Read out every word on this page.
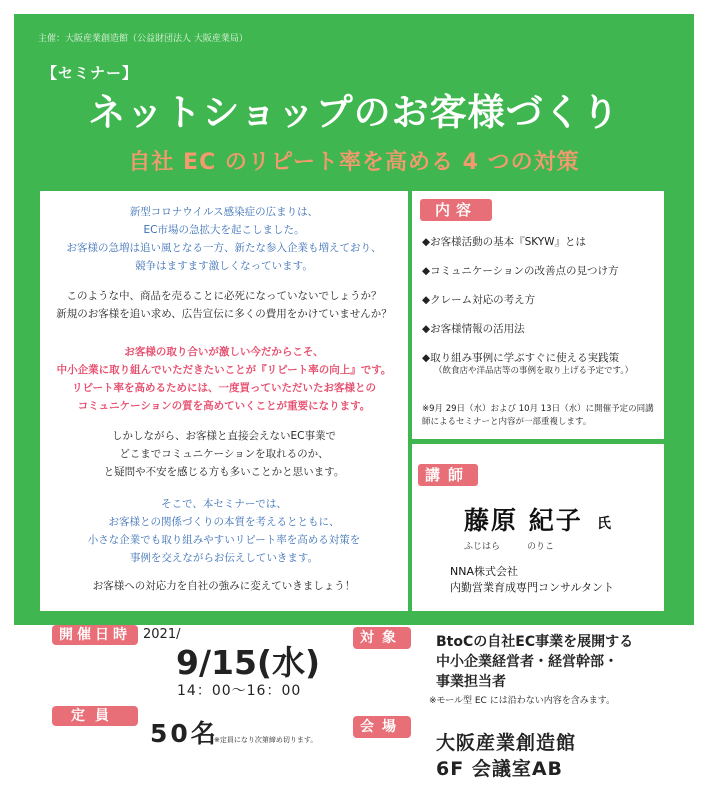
主催：大阪産業創造館（公益財団法人 大阪産業局）
【セミナー】
ネットショップのお客様づくり
自社 EC のリピート率を高める 4 つの対策

新型コロナウイルス感染症の広まりは、
EC市場の急拡大を起こしました。
お客様の急増は追い風となる一方、新たな参入企業も増えており、
競争はますます激しくなっています。

このような中、商品を売ることに必死になっていないでしょうか？
新規のお客様を追い求め、広告宣伝に多くの費用をかけていませんか？

お客様の取り合いが激しい今だからこそ、
中小企業に取り組んでいただきたいことが『リピート率の向上』です。
リピート率を高めるためには、一度買っていただいたお客様との
コミュニケーションの質を高めていくことが重要になります。

しかしながら、お客様と直接会えないEC事業で
どこまでコミュニケーションを取れるのか、
と疑問や不安を感じる方も多いことかと思います。

そこで、本セミナーでは、
お客様との関係づくりの本質を考えるとともに、
小さな企業でも取り組みやすいリピート率を高める対策を
事例を交えながらお伝えしていきます。

お客様への対応力を自社の強みに変えていきましょう！

内容
◆お客様活動の基本『SKYW』とは
◆コミュニケーションの改善点の見つけ方
◆クレーム対応の考え方
◆お客様情報の活用法
◆取り組み事例に学ぶすぐに使える実践策
（飲食店や洋品店等の事例を取り上げる予定です。）
※9月 29日（水）および 10月 13日（水）に開催予定の同講師によるセミナーと内容が一部重複します。
講師
藤原 紀子 氏
ふじはら　　　のりこ
NNA株式会社
内勤営業育成専門コンサルタント
開催日時 2021/
9/15(水)
14：00〜16：00
定員
50名
※定員になり次第締め切ります。
対象	BtoCの自社EC事業を展開する
中小企業経営者・経営幹部・
事業担当者
※モール型 EC には沿わない内容を含みます。
会場
大阪産業創造館
6F 会議室AB
